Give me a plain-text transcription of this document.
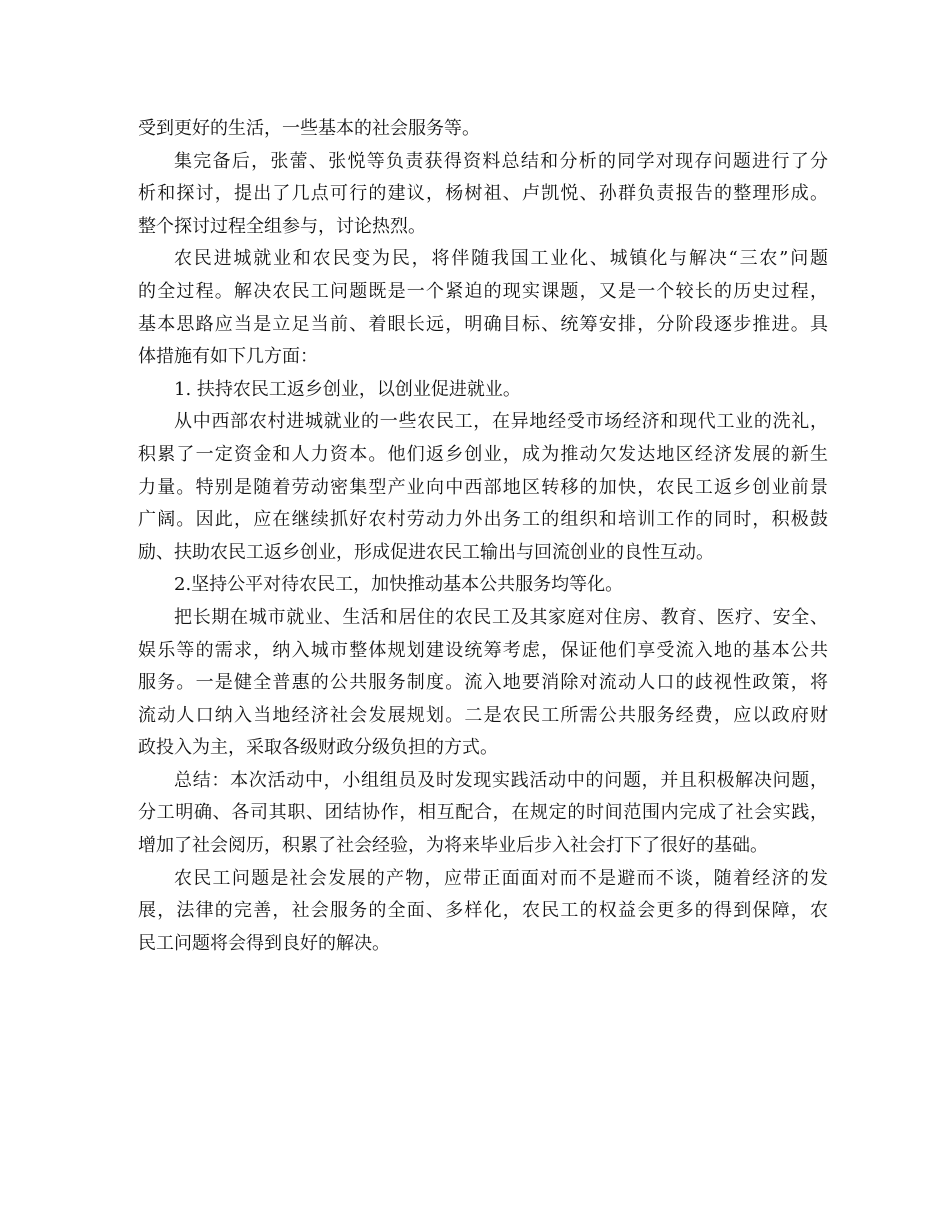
受到更好的生活，一些基本的社会服务等。
集完备后，张蕾、张悦等负责获得资料总结和分析的同学对现存问题进行了分
析和探讨，提出了几点可行的建议，杨树祖、卢凯悦、孙群负责报告的整理形成。
整个探讨过程全组参与，讨论热烈。
农民进城就业和农民变为民，将伴随我国工业化、城镇化与解决“三农”问题
的全过程。解决农民工问题既是一个紧迫的现实课题，又是一个较长的历史过程，
基本思路应当是立足当前、着眼长远，明确目标、统筹安排，分阶段逐步推进。具
体措施有如下几方面：
1. 扶持农民工返乡创业，以创业促进就业。
从中西部农村进城就业的一些农民工，在异地经受市场经济和现代工业的洗礼，
积累了一定资金和人力资本。他们返乡创业，成为推动欠发达地区经济发展的新生
力量。特别是随着劳动密集型产业向中西部地区转移的加快，农民工返乡创业前景
广阔。因此，应在继续抓好农村劳动力外出务工的组织和培训工作的同时，积极鼓
励、扶助农民工返乡创业，形成促进农民工输出与回流创业的良性互动。
2.坚持公平对待农民工，加快推动基本公共服务均等化。
把长期在城市就业、生活和居住的农民工及其家庭对住房、教育、医疗、安全、
娱乐等的需求，纳入城市整体规划建设统筹考虑，保证他们享受流入地的基本公共
服务。一是健全普惠的公共服务制度。流入地要消除对流动人口的歧视性政策，将
流动人口纳入当地经济社会发展规划。二是农民工所需公共服务经费，应以政府财
政投入为主，采取各级财政分级负担的方式。
总结：本次活动中，小组组员及时发现实践活动中的问题，并且积极解决问题，
分工明确、各司其职、团结协作，相互配合，在规定的时间范围内完成了社会实践，
增加了社会阅历，积累了社会经验，为将来毕业后步入社会打下了很好的基础。
农民工问题是社会发展的产物，应带正面面对而不是避而不谈，随着经济的发
展，法律的完善，社会服务的全面、多样化，农民工的权益会更多的得到保障，农
民工问题将会得到良好的解决。
